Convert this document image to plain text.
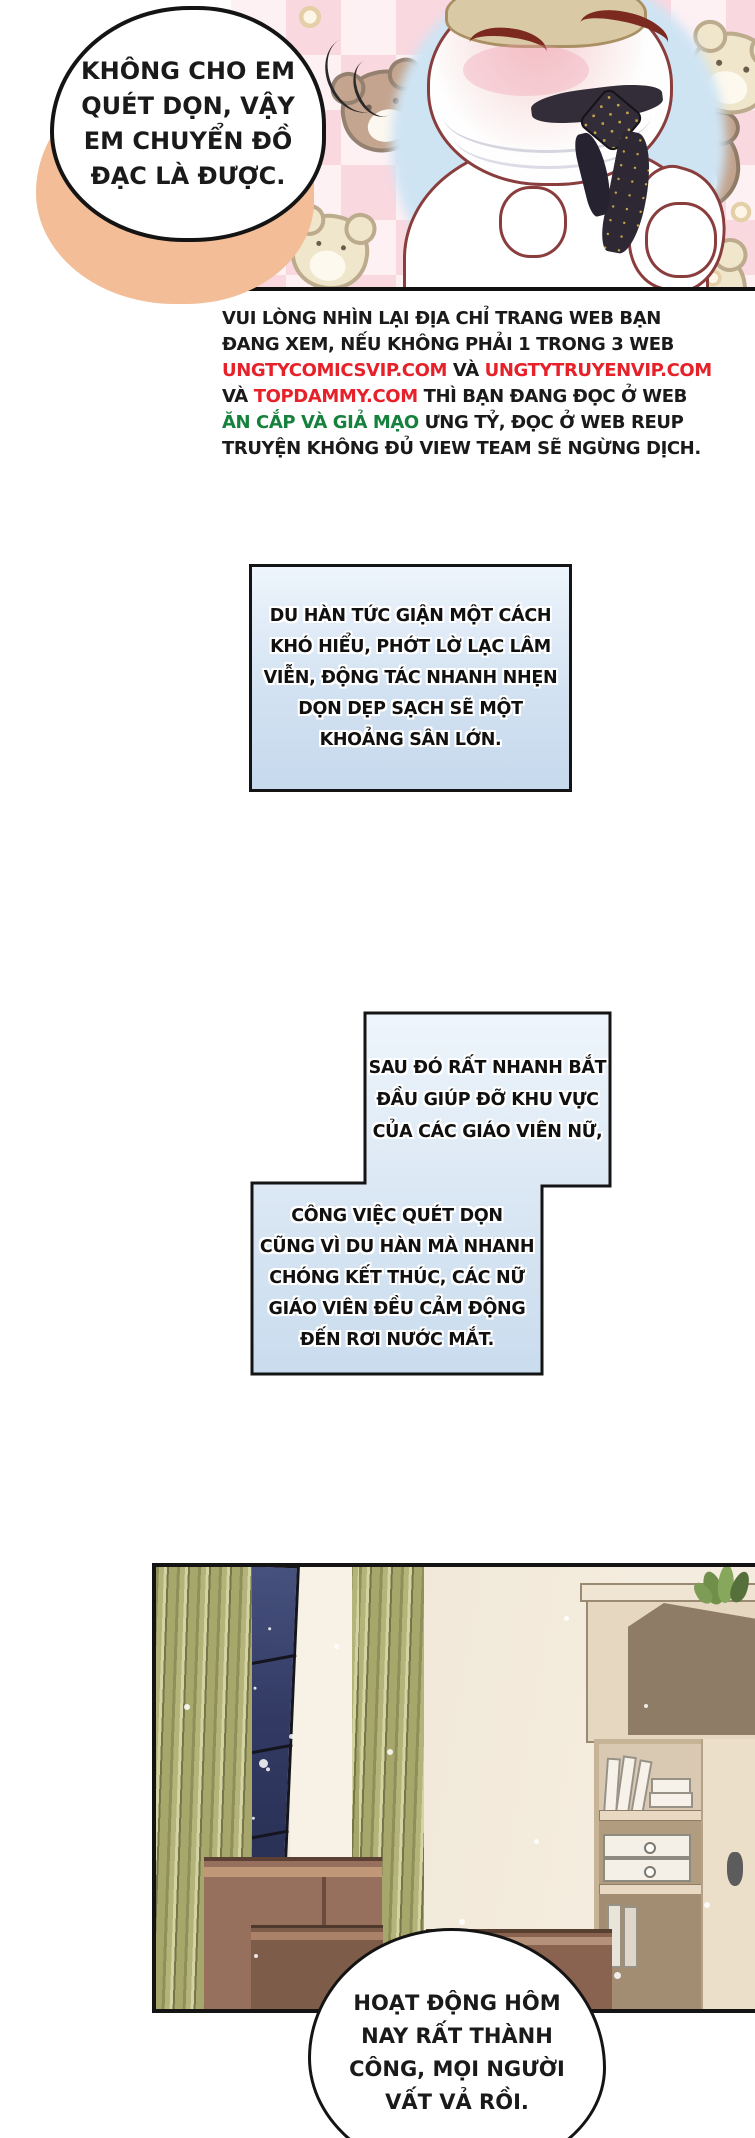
KHÔNG CHO EM
QUÉT DỌN, VẬY
EM CHUYỂN ĐỒ
ĐẠC LÀ ĐƯỢC.
VUI LÒNG NHÌN LẠI ĐỊA CHỈ TRANG WEB BẠN
ĐANG XEM, NẾU KHÔNG PHẢI 1 TRONG 3 WEB
UNGTYCOMICSVIP.COM VÀ UNGTYTRUYENVIP.COM
VÀ TOPDAMMY.COM THÌ BẠN ĐANG ĐỌC Ở WEB
ĂN CẮP VÀ GIẢ MẠO ƯNG TỶ, ĐỌC Ở WEB REUP
TRUYỆN KHÔNG ĐỦ VIEW TEAM SẼ NGỪNG DỊCH.
DU HÀN TỨC GIẬN MỘT CÁCH
KHÓ HIỂU, PHỚT LỜ LẠC LÂM
VIỄN, ĐỘNG TÁC NHANH NHẸN
DỌN DẸP SẠCH SẼ MỘT
KHOẢNG SÂN LỚN.
SAU ĐÓ RẤT NHANH BẮT
ĐẦU GIÚP ĐỠ KHU VỰC
CỦA CÁC GIÁO VIÊN NỮ,
CÔNG VIỆC QUÉT DỌN
CŨNG VÌ DU HÀN MÀ NHANH
CHÓNG KẾT THÚC, CÁC NỮ
GIÁO VIÊN ĐỀU CẢM ĐỘNG
ĐẾN RƠI NƯỚC MẮT.
HOẠT ĐỘNG HÔM
NAY RẤT THÀNH
CÔNG, MỌI NGƯỜI
VẤT VẢ RỒI.
